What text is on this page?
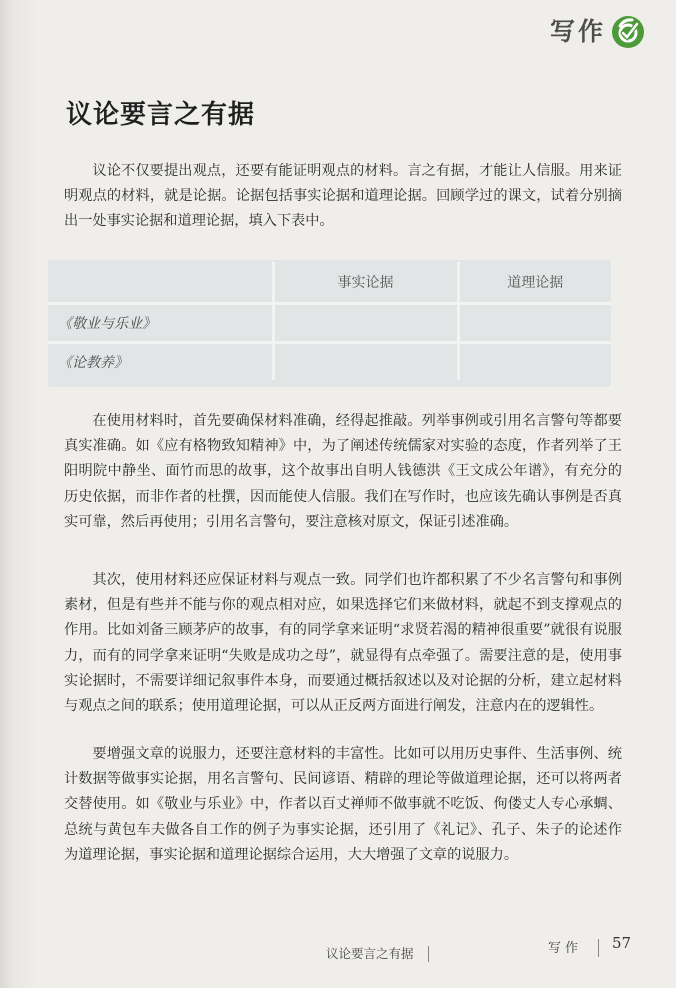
写作
议论要言之有据

议论不仅要提出观点，还要有能证明观点的材料。言之有据，才能让人信服。用来证明观点的材料，就是论据。论据包括事实论据和道理论据。回顾学过的课文，试着分别摘出一处事实论据和道理论据，填入下表中。

	事实论据	道理论据
《敬业与乐业》		
《论教养》		

在使用材料时，首先要确保材料准确，经得起推敲。列举事例或引用名言警句等都要真实准确。如《应有格物致知精神》中，为了阐述传统儒家对实验的态度，作者列举了王阳明院中静坐、面竹而思的故事，这个故事出自明人钱德洪《王文成公年谱》，有充分的历史依据，而非作者的杜撰，因而能使人信服。我们在写作时，也应该先确认事例是否真实可靠，然后再使用；引用名言警句，要注意核对原文，保证引述准确。

其次，使用材料还应保证材料与观点一致。同学们也许都积累了不少名言警句和事例素材，但是有些并不能与你的观点相对应，如果选择它们来做材料，就起不到支撑观点的作用。比如刘备三顾茅庐的故事，有的同学拿来证明“求贤若渴的精神很重要”就很有说服力，而有的同学拿来证明“失败是成功之母”，就显得有点牵强了。需要注意的是，使用事实论据时，不需要详细记叙事件本身，而要通过概括叙述以及对论据的分析，建立起材料与观点之间的联系；使用道理论据，可以从正反两方面进行阐发，注意内在的逻辑性。

要增强文章的说服力，还要注意材料的丰富性。比如可以用历史事件、生活事例、统计数据等做事实论据，用名言警句、民间谚语、精辟的理论等做道理论据，还可以将两者交替使用。如《敬业与乐业》中，作者以百丈禅师不做事就不吃饭、佝偻丈人专心承蜩、总统与黄包车夫做各自工作的例子为事实论据，还引用了《礼记》、孔子、朱子的论述作为道理论据，事实论据和道理论据综合运用，大大增强了文章的说服力。

议论要言之有据	写作 57
